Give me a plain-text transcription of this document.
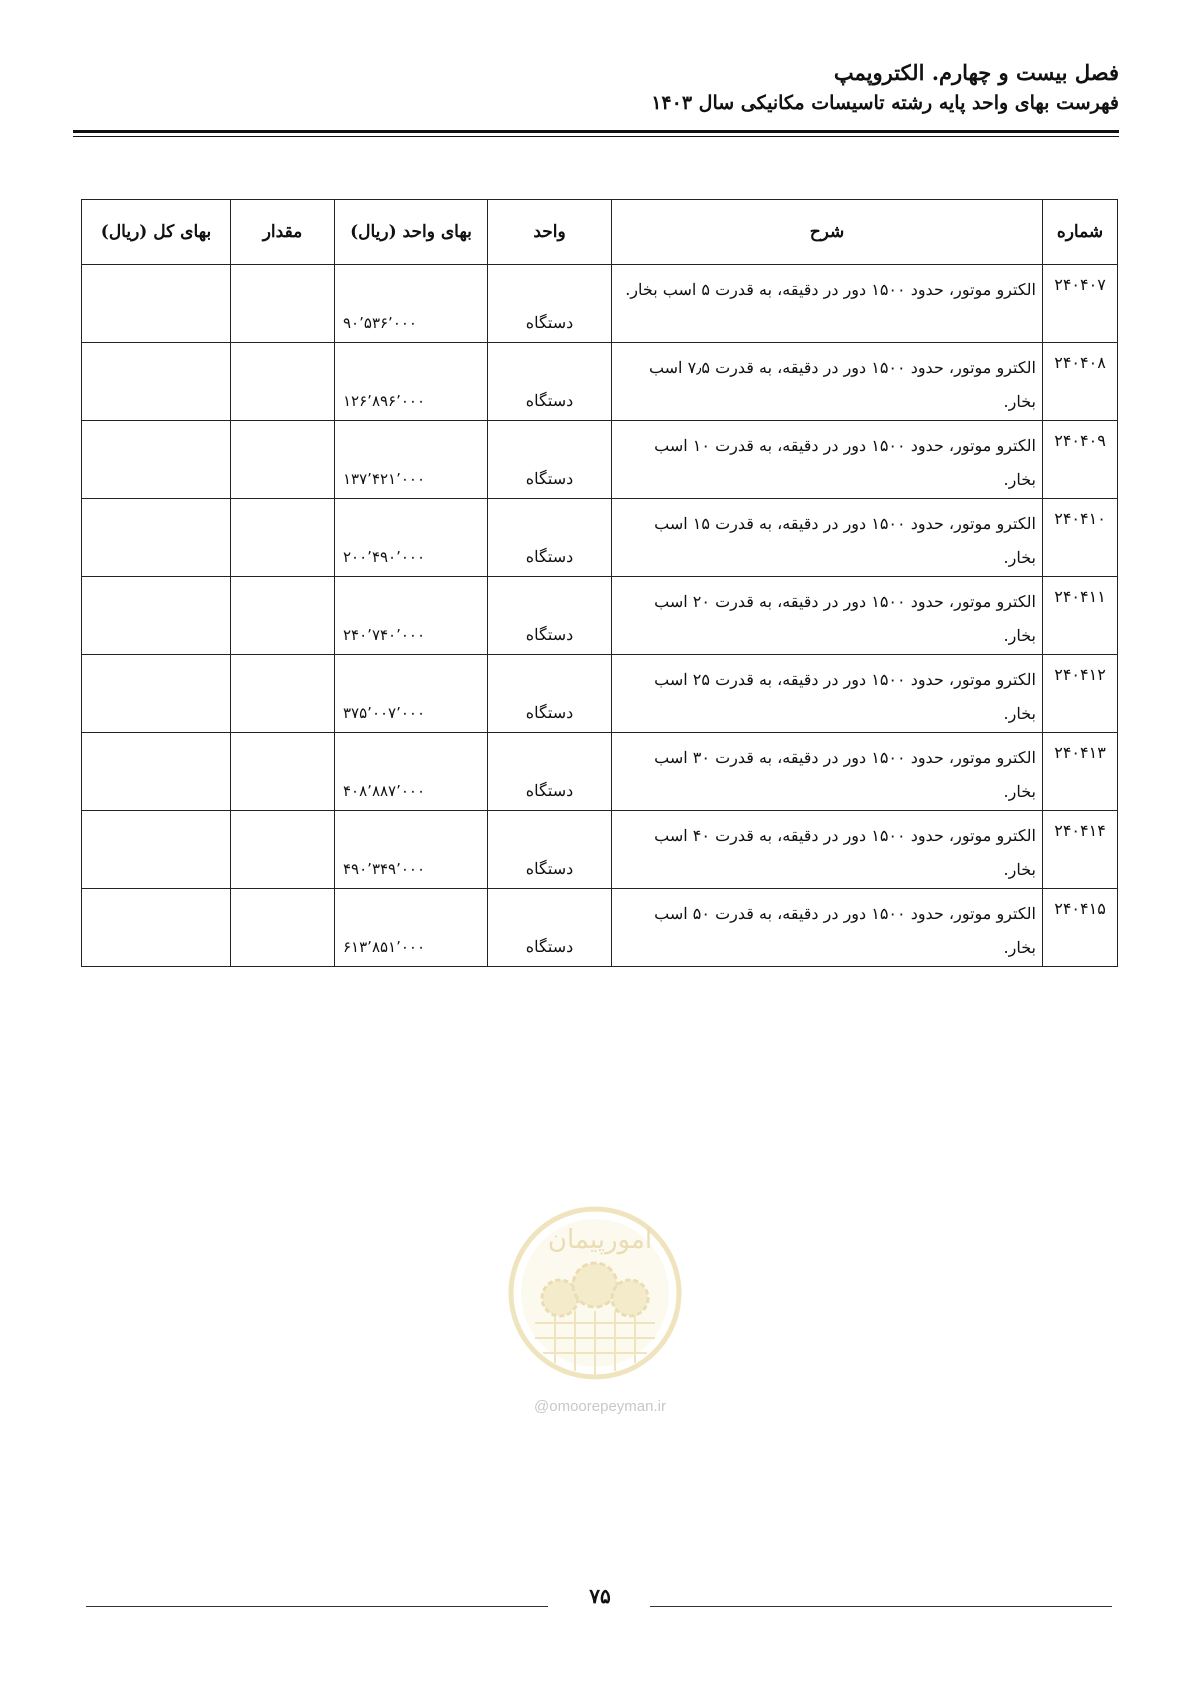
فصل بیست و چهارم. الکتروپمپ
فهرست بهای واحد پایه رشته تاسیسات مکانیکی سال ۱۴۰۳
شماره	شرح	واحد	بهای واحد (ریال)	مقدار	بهای کل (ریال)
۲۴۰۴۰۷	الکترو موتور، حدود ۱۵۰۰ دور در دقیقه، به قدرت ۵ اسب بخار.	دستگاه	۹۰٬۵۳۶٬۰۰۰		
۲۴۰۴۰۸	الکترو موتور، حدود ۱۵۰۰ دور در دقیقه، به قدرت ۷٫۵ اسب بخار.	دستگاه	۱۲۶٬۸۹۶٬۰۰۰		
۲۴۰۴۰۹	الکترو موتور، حدود ۱۵۰۰ دور در دقیقه، به قدرت ۱۰ اسب بخار.	دستگاه	۱۳۷٬۴۲۱٬۰۰۰		
۲۴۰۴۱۰	الکترو موتور، حدود ۱۵۰۰ دور در دقیقه، به قدرت ۱۵ اسب بخار.	دستگاه	۲۰۰٬۴۹۰٬۰۰۰		
۲۴۰۴۱۱	الکترو موتور، حدود ۱۵۰۰ دور در دقیقه، به قدرت ۲۰ اسب بخار.	دستگاه	۲۴۰٬۷۴۰٬۰۰۰		
۲۴۰۴۱۲	الکترو موتور، حدود ۱۵۰۰ دور در دقیقه، به قدرت ۲۵ اسب بخار.	دستگاه	۳۷۵٬۰۰۷٬۰۰۰		
۲۴۰۴۱۳	الکترو موتور، حدود ۱۵۰۰ دور در دقیقه، به قدرت ۳۰ اسب بخار.	دستگاه	۴۰۸٬۸۸۷٬۰۰۰		
۲۴۰۴۱۴	الکترو موتور، حدود ۱۵۰۰ دور در دقیقه، به قدرت ۴۰ اسب بخار.	دستگاه	۴۹۰٬۳۴۹٬۰۰۰		
۲۴۰۴۱۵	الکترو موتور، حدود ۱۵۰۰ دور در دقیقه، به قدرت ۵۰ اسب بخار.	دستگاه	۶۱۳٬۸۵۱٬۰۰۰		
امورپیمان
@omoorepeyman.ir
۷۵
